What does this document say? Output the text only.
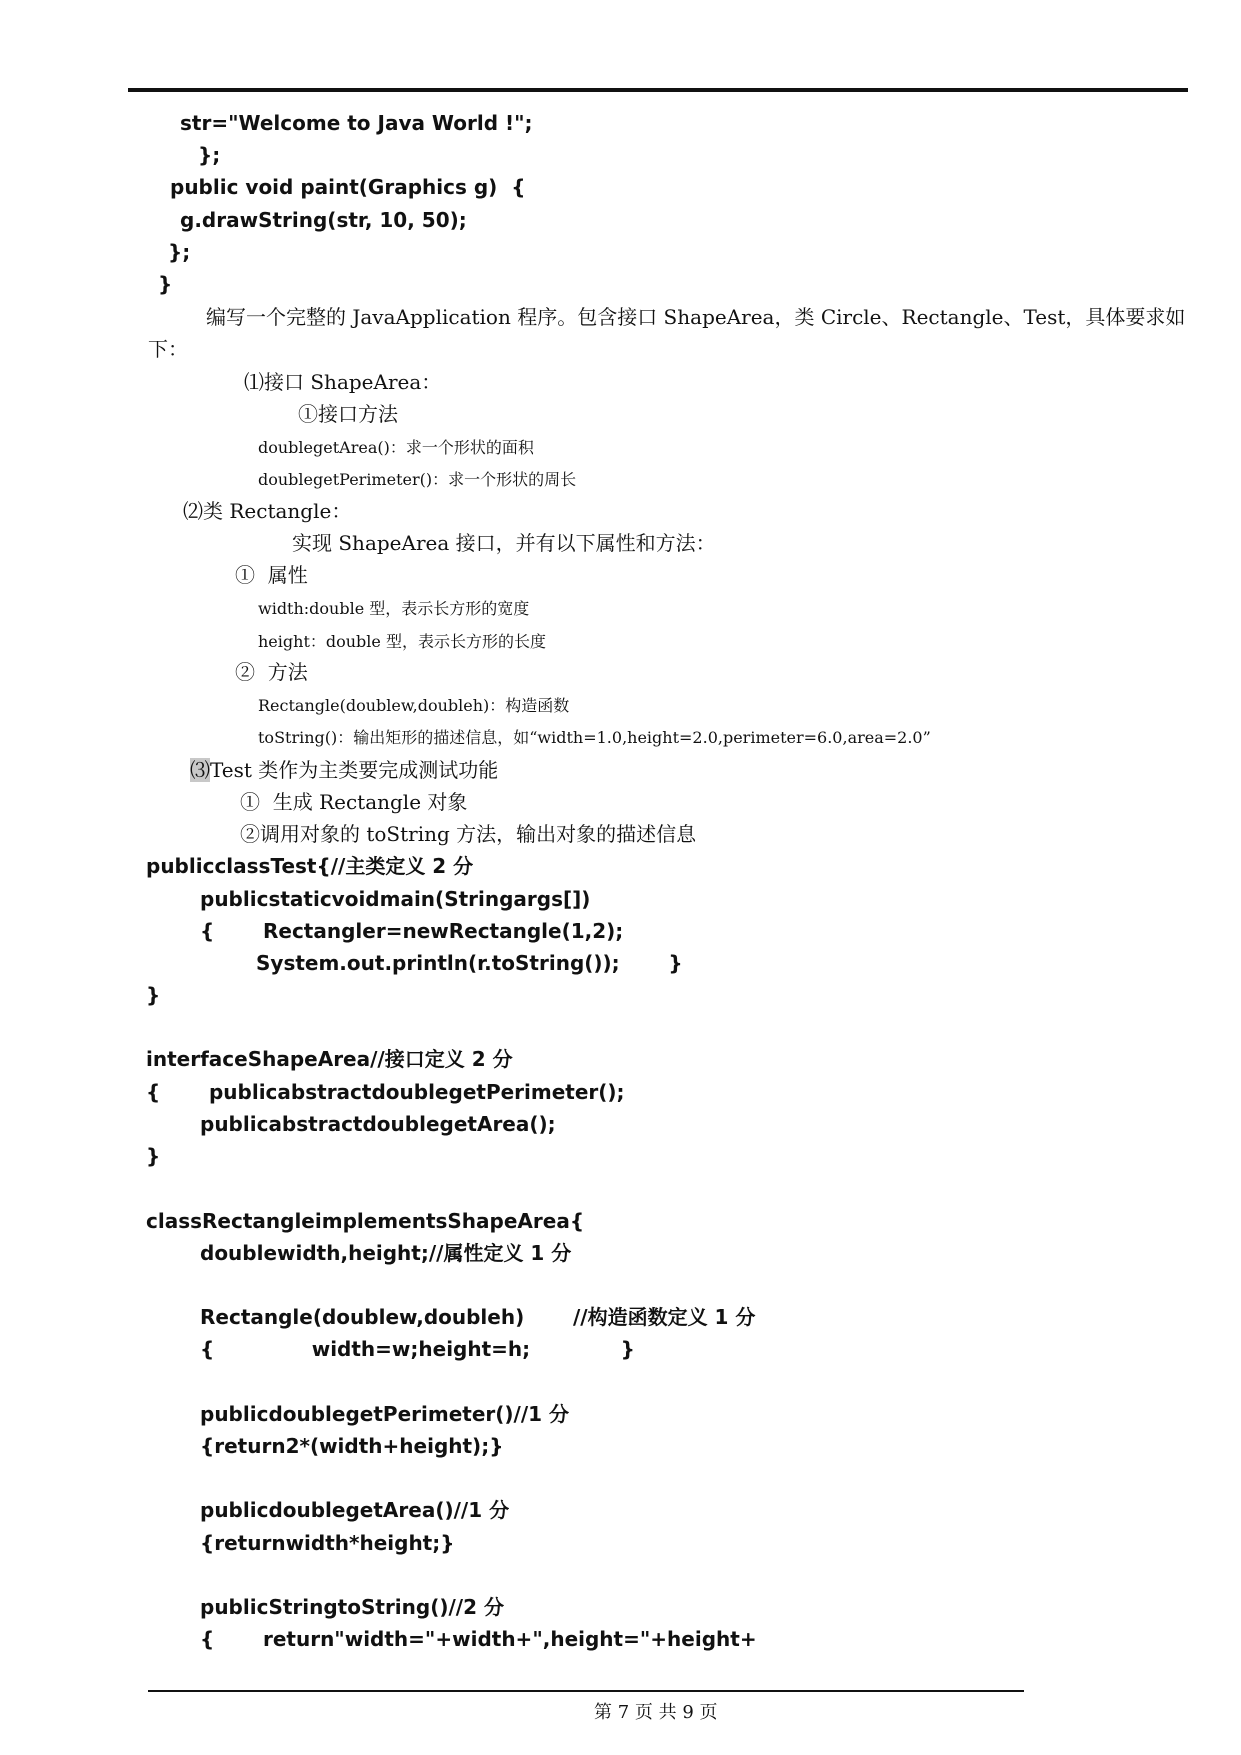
str="Welcome to Java World !";
};
public void paint(Graphics g)  {
g.drawString(str, 10, 50);
};
}
编写一个完整的 JavaApplication 程序。包含接口 ShapeArea，类 Circle、Rectangle、Test，具体要求如
下：
⑴接口 ShapeArea：
①接口方法
doublegetArea()：求一个形状的面积
doublegetPerimeter()：求一个形状的周长
⑵类 Rectangle：
实现 ShapeArea 接口，并有以下属性和方法：
①  属性
width:double 型，表示长方形的宽度
height：double 型，表示长方形的长度
②  方法
Rectangle(doublew,doubleh)：构造函数
toString()：输出矩形的描述信息，如“width=1.0,height=2.0,perimeter=6.0,area=2.0”
⑶Test 类作为主类要完成测试功能
①  生成 Rectangle 对象
②调用对象的 toString 方法，输出对象的描述信息
publicclassTest{//主类定义 2 分
publicstaticvoidmain(Stringargs[])
{       Rectangler=newRectangle(1,2);
System.out.println(r.toString());       }
}
interfaceShapeArea//接口定义 2 分
{       publicabstractdoublegetPerimeter();
publicabstractdoublegetArea();
}
classRectangleimplementsShapeArea{
doublewidth,height;//属性定义 1 分
Rectangle(doublew,doubleh)       //构造函数定义 1 分
{              width=w;height=h;             }
publicdoublegetPerimeter()//1 分
{return2*(width+height);}
publicdoublegetArea()//1 分
{returnwidth*height;}
publicStringtoString()//2 分
{       return"width="+width+",height="+height+
第 7 页 共 9 页
